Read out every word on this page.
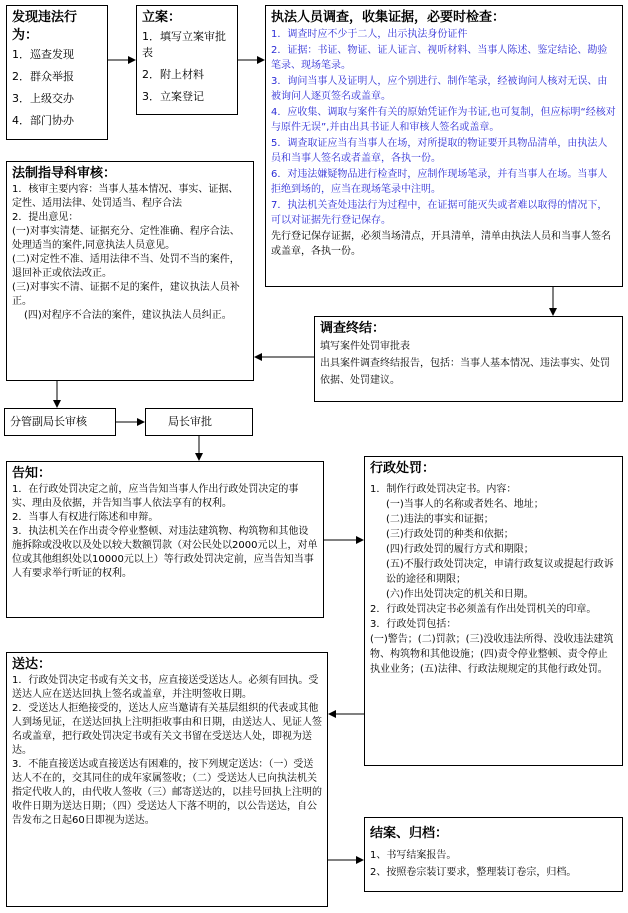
发现违法行为：
1．巡查发现
2．群众举报
3．上级交办
4．部门协办
立案：
1．填写立案审批表
2．附上材料
3．立案登记
执法人员调查，收集证据，必要时检查：
1．调查时应不少于二人，出示执法身份证件
2．证据：书证、物证、证人证言、视听材料、当事人陈述、鉴定结论、勘验笔录、现场笔录。
3．询问当事人及证明人，应个别进行、制作笔录，经被询问人核对无误、由被询问人逐页签名或盖章。
4．应收集、调取与案件有关的原始凭证作为书证,也可复制，但应标明“经核对与原件无误”,并由出具书证人和审核人签名或盖章。
5．调查取证应当有当事人在场，对所提取的物证要开具物品清单，由执法人员和当事人签名或者盖章，各执一份。
6．对违法嫌疑物品进行检查时，应制作现场笔录，并有当事人在场。当事人拒绝到场的，应当在现场笔录中注明。
7．执法机关查处违法行为过程中，在证据可能灭失或者难以取得的情况下，可以对证据先行登记保存。
先行登记保存证据，必须当场清点，开具清单，清单由执法人员和当事人签名或盖章，各执一份。
法制指导科审核：
1．核审主要内容：当事人基本情况、事实、证据、定性、适用法律、处罚适当、程序合法
2．提出意见：
(一)对事实清楚、证据充分、定性准确、程序合法、处理适当的案件,同意执法人员意见。
(二)对定性不准、适用法律不当、处罚不当的案件，退回补正或依法改正。
(三)对事实不清、证据不足的案件，建议执法人员补正。
(四)对程序不合法的案件，建议执法人员纠正。
调查终结：
填写案件处罚审批表
出具案件调查终结报告，包括：当事人基本情况、违法事实、处罚依据、处罚建议。
分管副局长审核	局长审批
告知：
1．在行政处罚决定之前，应当告知当事人作出行政处罚决定的事实、理由及依据，并告知当事人依法享有的权利。
2．当事人有权进行陈述和申辩。
3．执法机关在作出责令停业整顿、对违法建筑物、构筑物和其他设施拆除或没收以及处以较大数额罚款（对公民处以2000元以上，对单位或其他组织处以10000元以上）等行政处罚决定前，应当告知当事人有要求举行听证的权利。
行政处罚：
1．制作行政处罚决定书。内容：
(一)当事人的名称或者姓名、地址；
(二)违法的事实和证据；
(三)行政处罚的种类和依据；
(四)行政处罚的履行方式和期限；
(五)不服行政处罚决定，申请行政复议或提起行政诉讼的途径和期限；
(六)作出处罚决定的机关和日期。
2．行政处罚决定书必须盖有作出处罚机关的印章。
3．行政处罚包括：
(一)警告；(二)罚款；(三)没收违法所得、没收违法建筑物、构筑物和其他设施；(四)责令停业整顿、责令停止执业业务；(五)法律、行政法规规定的其他行政处罚。
送达：
1．行政处罚决定书或有关文书，应直接送受送达人。必须有回执。受送达人应在送达回执上签名或盖章，并注明签收日期。
2．受送达人拒绝接受的，送达人应当邀请有关基层组织的代表或其他人到场见证，在送达回执上注明拒收事由和日期，由送达人、见证人签名或盖章，把行政处罚决定书或有关文书留在受送达人处，即视为送达。
3．不能直接送达或直接送达有困难的，按下列规定送达：（一）受送达人不在的，交其同住的成年家属签收；（二）受送达人已向执法机关指定代收人的，由代收人签收（三）邮寄送达的，以挂号回执上注明的收件日期为送达日期；（四）受送达人下落不明的，以公告送达，自公告发布之日起60日即视为送达。
结案、归档：
1、书写结案报告。
2、按照卷宗装订要求，整理装订卷宗，归档。
